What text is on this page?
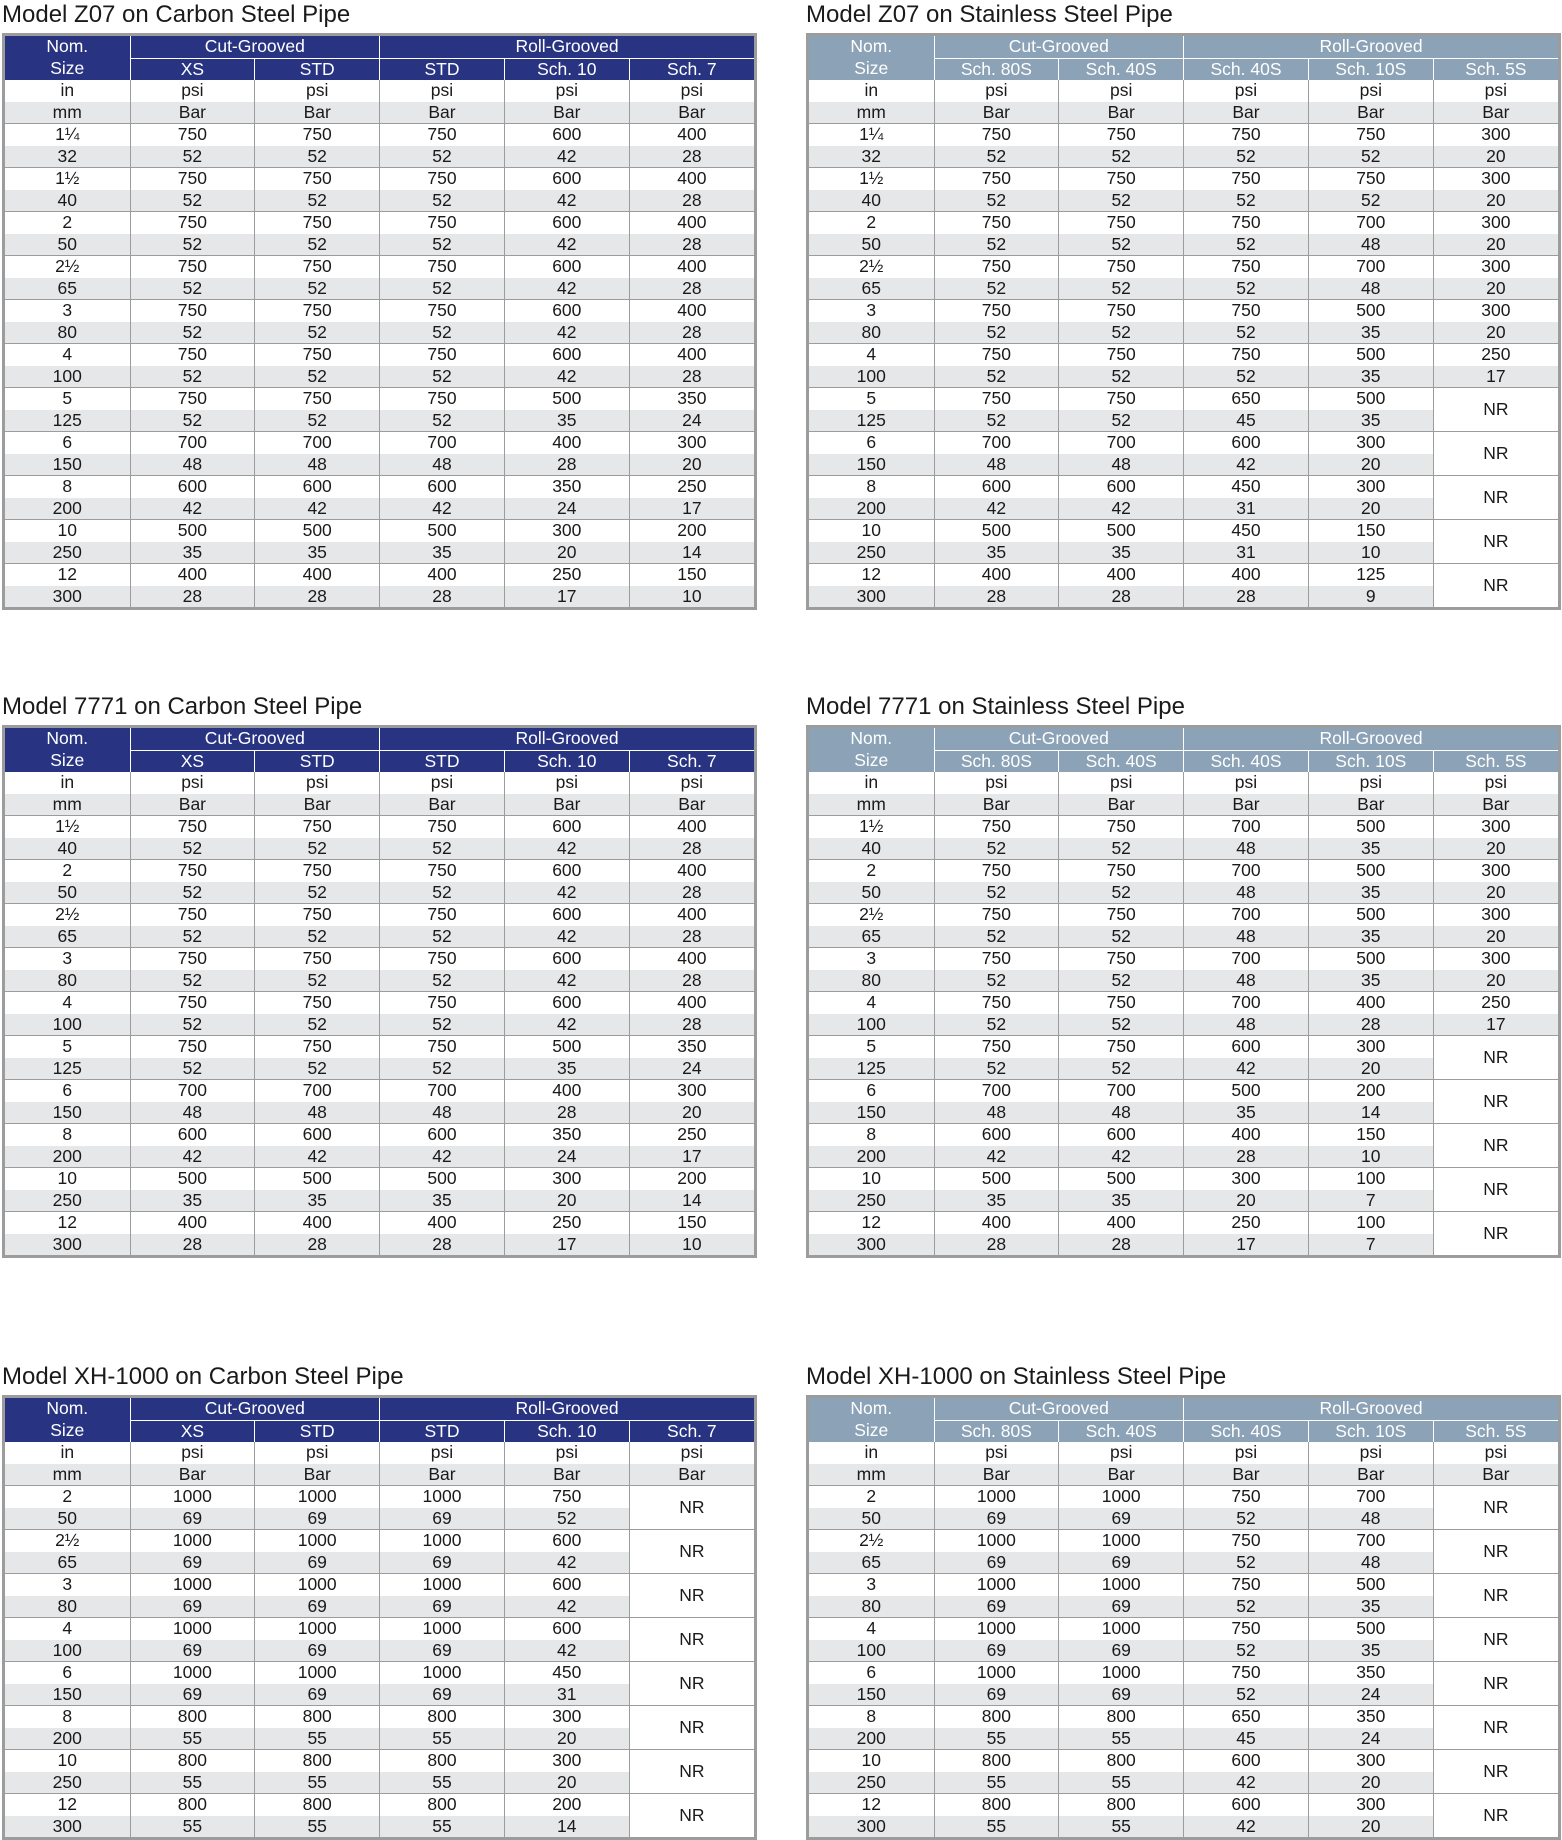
Model Z07 on Carbon Steel Pipe
Nom.	Cut-Grooved		Roll-Grooved		
Size	XS	STD	STD	Sch. 10	Sch. 7
in	psi	psi	psi	psi	psi
mm	Bar	Bar	Bar	Bar	Bar
1¼	750	750	750	600	400
32	52	52	52	42	28
1½	750	750	750	600	400
40	52	52	52	42	28
2	750	750	750	600	400
50	52	52	52	42	28
2½	750	750	750	600	400
65	52	52	52	42	28
3	750	750	750	600	400
80	52	52	52	42	28
4	750	750	750	600	400
100	52	52	52	42	28
5	750	750	750	500	350
125	52	52	52	35	24
6	700	700	700	400	300
150	48	48	48	28	20
8	600	600	600	350	250
200	42	42	42	24	17
10	500	500	500	300	200
250	35	35	35	20	14
12	400	400	400	250	150
300	28	28	28	17	10
Model Z07 on Stainless Steel Pipe
Nom.	Cut-Grooved		Roll-Grooved		
Size	Sch. 80S	Sch. 40S	Sch. 40S	Sch. 10S	Sch. 5S
in	psi	psi	psi	psi	psi
mm	Bar	Bar	Bar	Bar	Bar
1¼	750	750	750	750	300
32	52	52	52	52	20
1½	750	750	750	750	300
40	52	52	52	52	20
2	750	750	750	700	300
50	52	52	52	48	20
2½	750	750	750	700	300
65	52	52	52	48	20
3	750	750	750	500	300
80	52	52	52	35	20
4	750	750	750	500	250
100	52	52	52	35	17
5	750	750	650	500	NR
125	52	52	45	35	
6	700	700	600	300	NR
150	48	48	42	20	
8	600	600	450	300	NR
200	42	42	31	20	
10	500	500	450	150	NR
250	35	35	31	10	
12	400	400	400	125	NR
300	28	28	28	9	
Model 7771 on Carbon Steel Pipe
Nom.	Cut-Grooved		Roll-Grooved		
Size	XS	STD	STD	Sch. 10	Sch. 7
in	psi	psi	psi	psi	psi
mm	Bar	Bar	Bar	Bar	Bar
1½	750	750	750	600	400
40	52	52	52	42	28
2	750	750	750	600	400
50	52	52	52	42	28
2½	750	750	750	600	400
65	52	52	52	42	28
3	750	750	750	600	400
80	52	52	52	42	28
4	750	750	750	600	400
100	52	52	52	42	28
5	750	750	750	500	350
125	52	52	52	35	24
6	700	700	700	400	300
150	48	48	48	28	20
8	600	600	600	350	250
200	42	42	42	24	17
10	500	500	500	300	200
250	35	35	35	20	14
12	400	400	400	250	150
300	28	28	28	17	10
Model 7771 on Stainless Steel Pipe
Nom.	Cut-Grooved		Roll-Grooved		
Size	Sch. 80S	Sch. 40S	Sch. 40S	Sch. 10S	Sch. 5S
in	psi	psi	psi	psi	psi
mm	Bar	Bar	Bar	Bar	Bar
1½	750	750	700	500	300
40	52	52	48	35	20
2	750	750	700	500	300
50	52	52	48	35	20
2½	750	750	700	500	300
65	52	52	48	35	20
3	750	750	700	500	300
80	52	52	48	35	20
4	750	750	700	400	250
100	52	52	48	28	17
5	750	750	600	300	NR
125	52	52	42	20	
6	700	700	500	200	NR
150	48	48	35	14	
8	600	600	400	150	NR
200	42	42	28	10	
10	500	500	300	100	NR
250	35	35	20	7	
12	400	400	250	100	NR
300	28	28	17	7	
Model XH-1000 on Carbon Steel Pipe
Nom.	Cut-Grooved		Roll-Grooved		
Size	XS	STD	STD	Sch. 10	Sch. 7
in	psi	psi	psi	psi	psi
mm	Bar	Bar	Bar	Bar	Bar
2	1000	1000	1000	750	NR
50	69	69	69	52	
2½	1000	1000	1000	600	NR
65	69	69	69	42	
3	1000	1000	1000	600	NR
80	69	69	69	42	
4	1000	1000	1000	600	NR
100	69	69	69	42	
6	1000	1000	1000	450	NR
150	69	69	69	31	
8	800	800	800	300	NR
200	55	55	55	20	
10	800	800	800	300	NR
250	55	55	55	20	
12	800	800	800	200	NR
300	55	55	55	14	
Model XH-1000 on Stainless Steel Pipe
Nom.	Cut-Grooved		Roll-Grooved		
Size	Sch. 80S	Sch. 40S	Sch. 40S	Sch. 10S	Sch. 5S
in	psi	psi	psi	psi	psi
mm	Bar	Bar	Bar	Bar	Bar
2	1000	1000	750	700	NR
50	69	69	52	48	
2½	1000	1000	750	700	NR
65	69	69	52	48	
3	1000	1000	750	500	NR
80	69	69	52	35	
4	1000	1000	750	500	NR
100	69	69	52	35	
6	1000	1000	750	350	NR
150	69	69	52	24	
8	800	800	650	350	NR
200	55	55	45	24	
10	800	800	600	300	NR
250	55	55	42	20	
12	800	800	600	300	NR
300	55	55	42	20	
